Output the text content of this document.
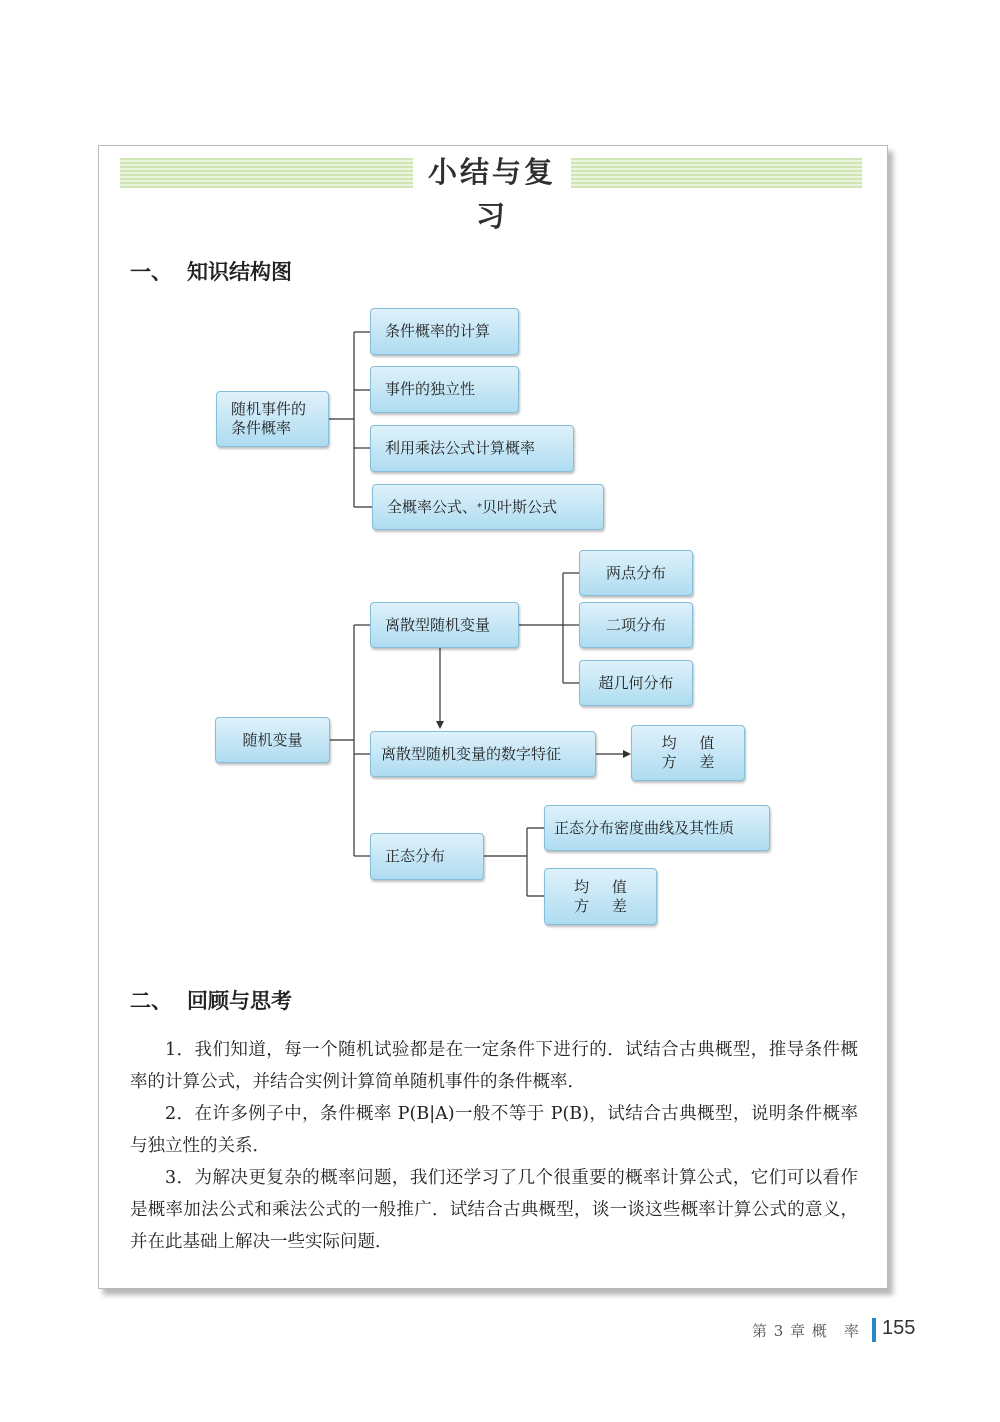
小结与复习
一、 知识结构图
随机事件的
条件概率
条件概率的计算
事件的独立性
利用乘法公式计算概率
全概率公式、 * 贝叶斯公式
随机变量
离散型随机变量
两点分布
二项分布
超几何分布
离散型随机变量的数字特征
均 值
方 差
正态分布
正态分布密度曲线及其性质
均 值
方 差
二、 回顾与思考

1．我们知道，每一个随机试验都是在一定条件下进行的．试结合古典概型，推导条件概率的计算公式，并结合实例计算简单随机事件的条件概率．

2．在许多例子中，条件概率 P(B|A)一般不等于 P(B)，试结合古典概型，说明条件概率与独立性的关系．

3．为解决更复杂的概率问题，我们还学习了几个很重要的概率计算公式，它们可以看作是概率加法公式和乘法公式的一般推广．试结合古典概型，谈一谈这些概率计算公式的意义，并在此基础上解决一些实际问题．

第 3 章 概　率 155
